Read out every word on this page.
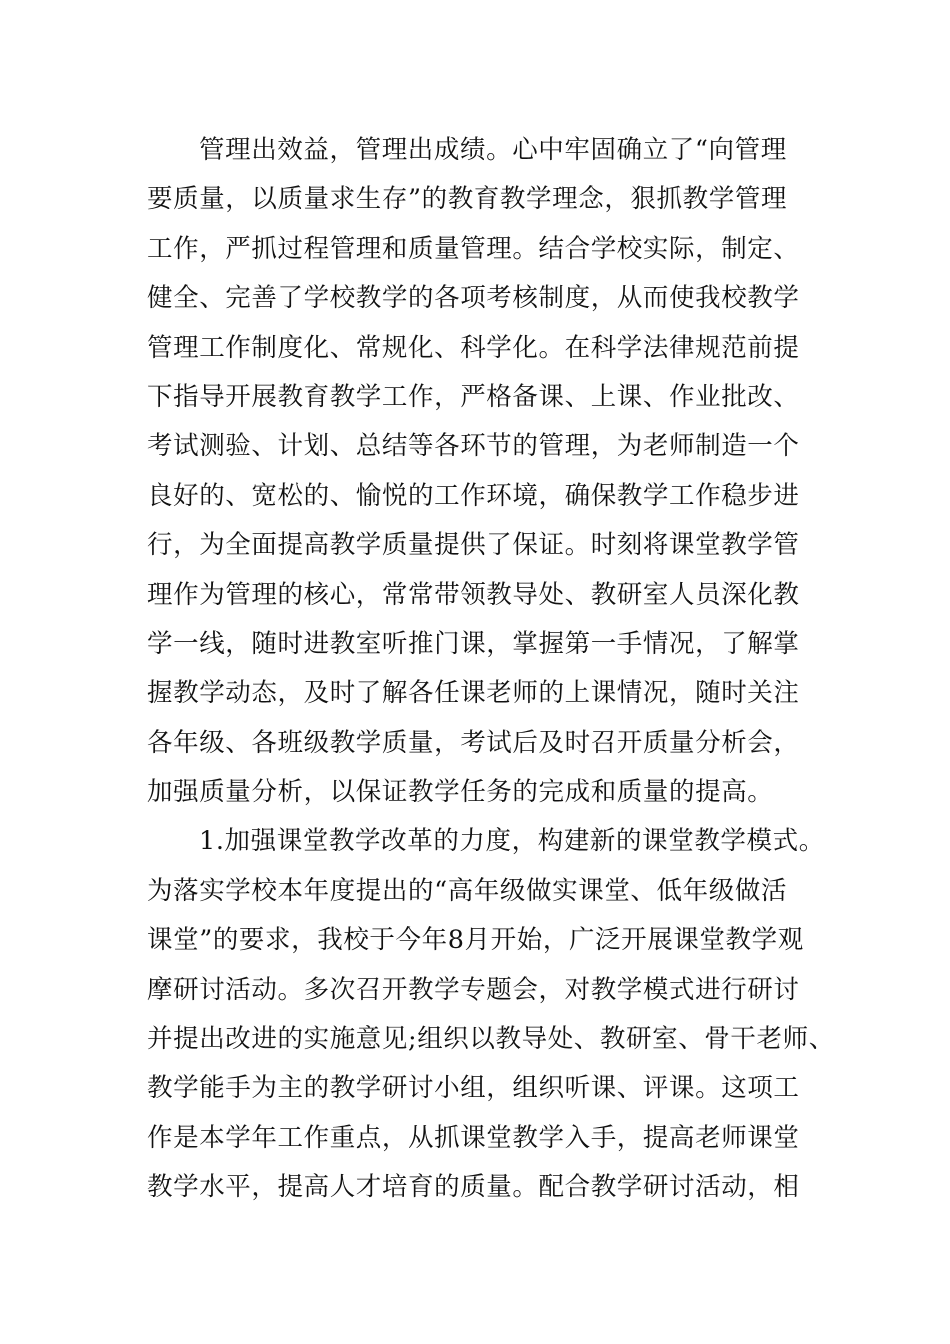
管理出效益，管理出成绩。心中牢固确立了“向管理
要质量，以质量求生存”的教育教学理念，狠抓教学管理
工作，严抓过程管理和质量管理。结合学校实际，制定、
健全、完善了学校教学的各项考核制度，从而使我校教学
管理工作制度化、常规化、科学化。在科学法律规范前提
下指导开展教育教学工作，严格备课、上课、作业批改、
考试测验、计划、总结等各环节的管理，为老师制造一个
良好的、宽松的、愉悦的工作环境，确保教学工作稳步进
行，为全面提高教学质量提供了保证。时刻将课堂教学管
理作为管理的核心，常常带领教导处、教研室人员深化教
学一线，随时进教室听推门课，掌握第一手情况，了解掌
握教学动态，及时了解各任课老师的上课情况，随时关注
各年级、各班级教学质量，考试后及时召开质量分析会，
加强质量分析，以保证教学任务的完成和质量的提高。
1.加强课堂教学改革的力度，构建新的课堂教学模式。
为落实学校本年度提出的“高年级做实课堂、低年级做活
课堂”的要求，我校于今年8月开始，广泛开展课堂教学观
摩研讨活动。多次召开教学专题会，对教学模式进行研讨
并提出改进的实施意见;组织以教导处、教研室、骨干老师、
教学能手为主的教学研讨小组，组织听课、评课。这项工
作是本学年工作重点，从抓课堂教学入手，提高老师课堂
教学水平，提高人才培育的质量。配合教学研讨活动，相
